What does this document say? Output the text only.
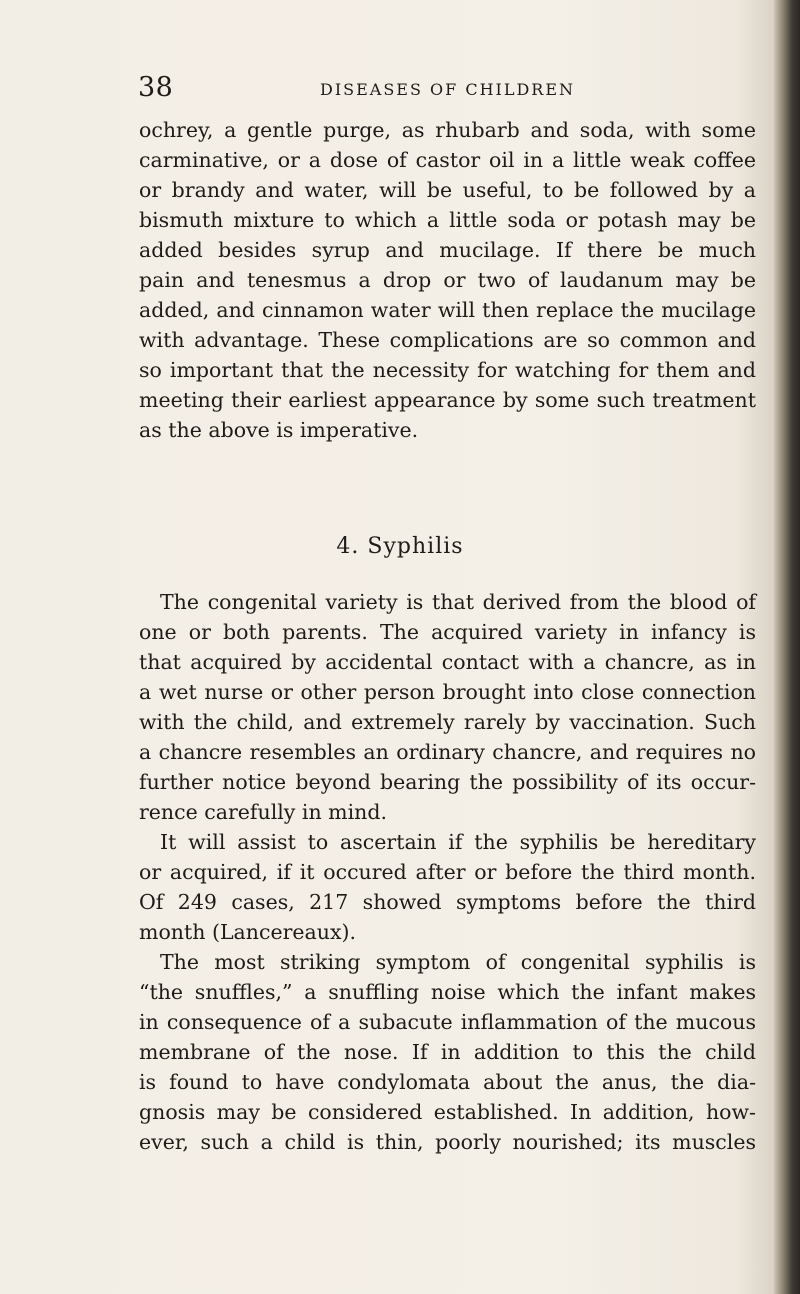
38	DISEASES OF CHILDREN
ochrey, a gentle purge, as rhubarb and soda, with some
carminative, or a dose of castor oil in a little weak coffee
or brandy and water, will be useful, to be followed by a
bismuth mixture to which a little soda or potash may be
added besides syrup and mucilage. If there be much
pain and tenesmus a drop or two of laudanum may be
added, and cinnamon water will then replace the mucilage
with advantage. These complications are so common and
so important that the necessity for watching for them and
meeting their earliest appearance by some such treatment
as the above is imperative.
4. Syphilis
The congenital variety is that derived from the blood of
one or both parents. The acquired variety in infancy is
that acquired by accidental contact with a chancre, as in
a wet nurse or other person brought into close connection
with the child, and extremely rarely by vaccination. Such
a chancre resembles an ordinary chancre, and requires no
further notice beyond bearing the possibility of its occur-
rence carefully in mind.
It will assist to ascertain if the syphilis be hereditary
or acquired, if it occured after or before the third month.
Of 249 cases, 217 showed symptoms before the third
month (Lancereaux).
The most striking symptom of congenital syphilis is
“the snuffles,” a snuffling noise which the infant makes
in consequence of a subacute inflammation of the mucous
membrane of the nose. If in addition to this the child
is found to have condylomata about the anus, the dia-
gnosis may be considered established. In addition, how-
ever, such a child is thin, poorly nourished; its muscles
